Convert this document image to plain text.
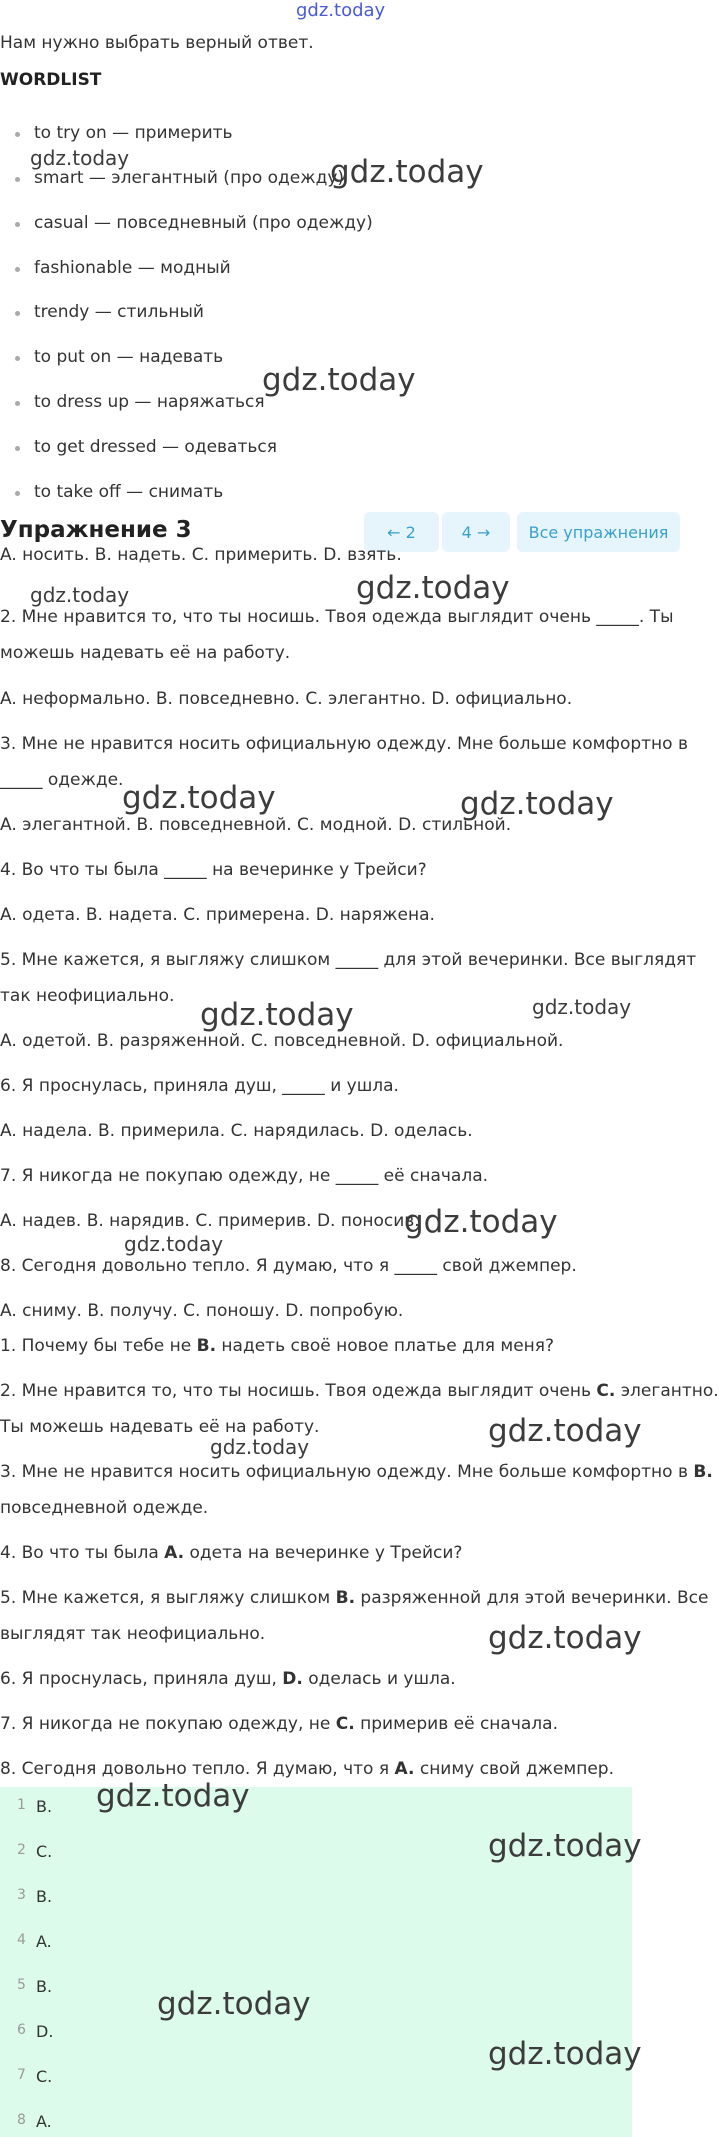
gdz.today
Нам нужно выбрать верный ответ.
WORDLIST
to try on — примерить
smart — элегантный (про одежду)
casual — повседневный (про одежду)
fashionable — модный
trendy — стильный
to put on — надевать
to dress up — наряжаться
to get dressed — одеваться
to take off — снимать
Упражнение 3	← 2	4 →	Все упражнения
A. носить. B. надеть. C. примерить. D. взять.
2. Мне нравится то, что ты носишь. Твоя одежда выглядит очень _____. Ты
можешь надевать её на работу.
A. неформально. B. повседневно. C. элегантно. D. официально.
3. Мне не нравится носить официальную одежду. Мне больше комфортно в
_____ одежде.
A. элегантной. B. повседневной. C. модной. D. стильной.
4. Во что ты была _____ на вечеринке у Трейси?
A. одета. B. надета. C. примерена. D. наряжена.
5. Мне кажется, я выгляжу слишком _____ для этой вечеринки. Все выглядят
так неофициально.
A. одетой. B. разряженной. C. повседневной. D. официальной.
6. Я проснулась, приняла душ, _____ и ушла.
A. надела. B. примерила. C. нарядилась. D. оделась.
7. Я никогда не покупаю одежду, не _____ её сначала.
A. надев. B. нарядив. C. примерив. D. поносив.
8. Сегодня довольно тепло. Я думаю, что я _____ свой джемпер.
A. сниму. B. получу. C. поношу. D. попробую.
1. Почему бы тебе не B. надеть своё новое платье для меня?
2. Мне нравится то, что ты носишь. Твоя одежда выглядит очень C. элегантно.
Ты можешь надевать её на работу.
3. Мне не нравится носить официальную одежду. Мне больше комфортно в B.
повседневной одежде.
4. Во что ты была A. одета на вечеринке у Трейси?
5. Мне кажется, я выгляжу слишком B. разряженной для этой вечеринки. Все
выглядят так неофициально.
6. Я проснулась, приняла душ, D. оделась и ушла.
7. Я никогда не покупаю одежду, не C. примерив её сначала.
8. Сегодня довольно тепло. Я думаю, что я A. сниму свой джемпер.
1 B.
2 C.
3 B.
4 A.
5 B.
6 D.
7 C.
8 A.
gdz.today	gdz.today
gdz.today
gdz.today	gdz.today
gdz.today	gdz.today
gdz.today	gdz.today
gdz.today
gdz.today
gdz.today
gdz.today
gdz.today
gdz.today
gdz.today
gdz.today
gdz.today
